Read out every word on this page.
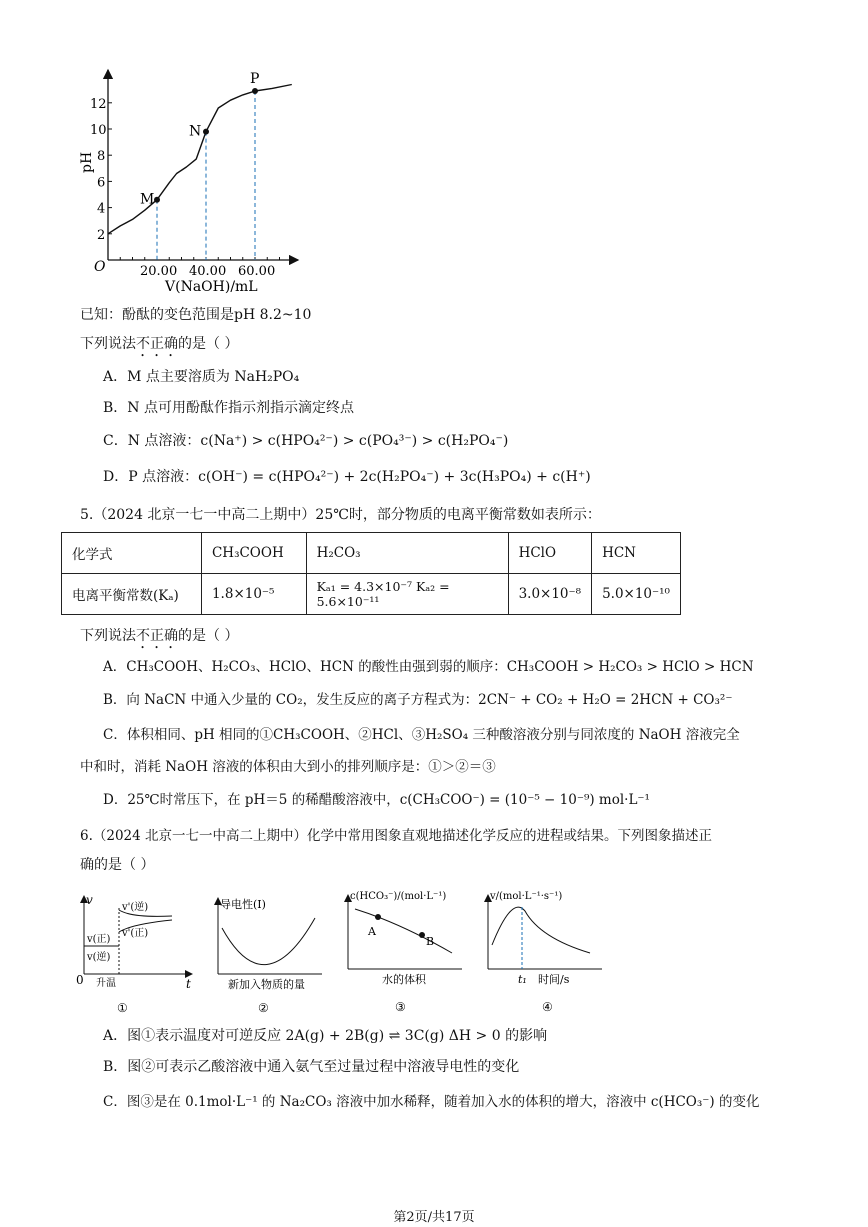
O
pH
V(NaOH)/mL
2
4
6
8
10
12
20.00 40.00 60.00
M
N
P
已知：酚酞的变色范围是pH 8.2~10
下列说法不正确的是（ ）
A．M 点主要溶质为 NaH₂PO₄
B．N 点可用酚酞作指示剂指示滴定终点
C．N 点溶液：c(Na⁺) > c(HPO₄²⁻) > c(PO₄³⁻) > c(H₂PO₄⁻)
D．P 点溶液：c(OH⁻) = c(HPO₄²⁻) + 2c(H₂PO₄⁻) + 3c(H₃PO₄) + c(H⁺)
5.（2024 北京一七一中高二上期中）25℃时，部分物质的电离平衡常数如表所示：
化学式	CH₃COOH	H₂CO₃	HClO	HCN
电离平衡常数(Kₐ)	1.8×10⁻⁵	Kₐ₁ = 4.3×10⁻⁷ Kₐ₂ = 5.6×10⁻¹¹	3.0×10⁻⁸	5.0×10⁻¹⁰
下列说法不正确的是（ ）
A．CH₃COOH、H₂CO₃、HClO、HCN 的酸性由强到弱的顺序：CH₃COOH > H₂CO₃ > HClO > HCN
B．向 NaCN 中通入少量的 CO₂，发生反应的离子方程式为：2CN⁻ + CO₂ + H₂O = 2HCN + CO₃²⁻
C．体积相同、pH 相同的①CH₃COOH、②HCl、③H₂SO₄ 三种酸溶液分别与同浓度的 NaOH 溶液完全
中和时，消耗 NaOH 溶液的体积由大到小的排列顺序是：①＞②＝③
D．25℃时常压下，在 pH＝5 的稀醋酸溶液中，c(CH₃COO⁻) = (10⁻⁵ − 10⁻⁹) mol·L⁻¹
6.（2024 北京一七一中高二上期中）化学中常用图象直观地描述化学反应的进程或结果。下列图象描述正
确的是（ ）
v
t
0
v'(逆)
v'(正)
v(正)
v(逆)
升温
①
导电性(I)
新加入物质的量
②
c(HCO₃⁻)/(mol·L⁻¹)
A
B
水的体积
③
v/(mol·L⁻¹·s⁻¹)
t₁ 时间/s
④
A．图①表示温度对可逆反应 2A(g) + 2B(g) ⇌ 3C(g) ΔH > 0 的影响
B．图②可表示乙酸溶液中通入氨气至过量过程中溶液导电性的变化
C．图③是在 0.1mol·L⁻¹ 的 Na₂CO₃ 溶液中加水稀释，随着加入水的体积的增大，溶液中 c(HCO₃⁻) 的变化
第2页/共17页
